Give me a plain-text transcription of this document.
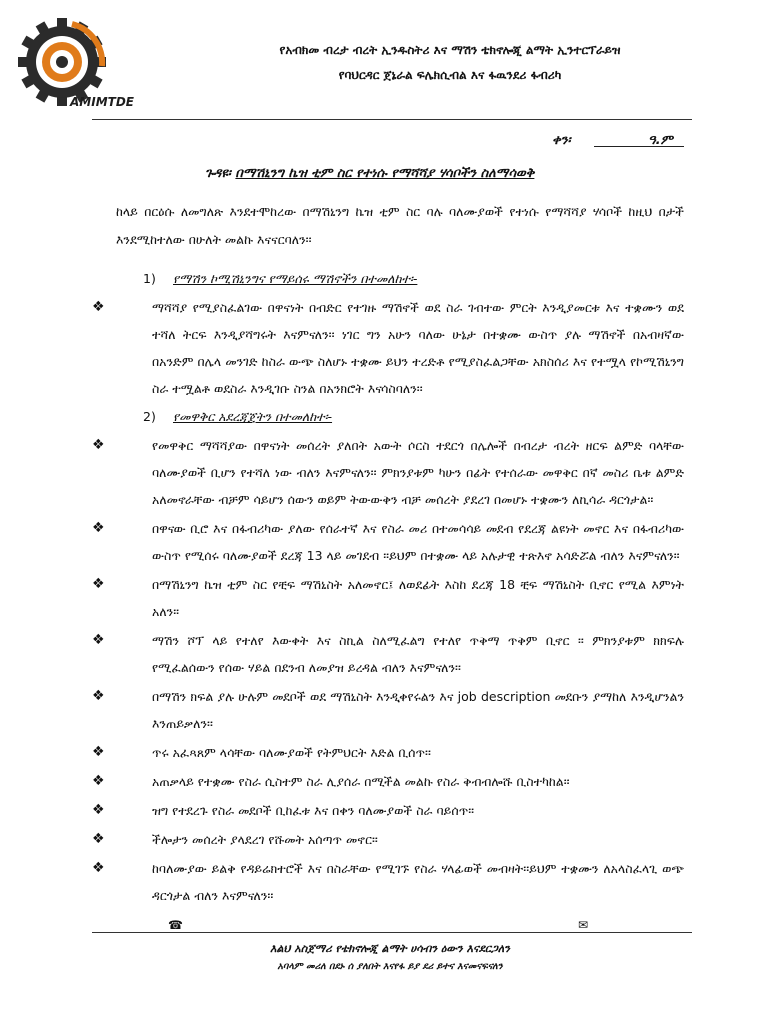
AMIMTDE
የአብክመ ብረታ ብረት ኢንዱስትሪ እና ማሽን ቴክኖሎጂ ልማት ኢንተርፕራይዝ
የባህርዳር ጀኔራል ፍሌክሲብል እና ፋዉንደሪ ፋብሪካ
ቀን፡	ዓ.ም
ጉዳዩ፡ በማሽኒንግ ኬዝ ቲም ስር የተነሱ የማሻሻያ ሃሳቦችን ስለማሳወቅ

ከላይ በርዕሱ ለመግለጽ እንደተሞከረው በማሽኒንግ ኬዝ ቲም ስር ባሉ ባለሙያወች የተነሱ የማሻሻያ ሃሳቦች ከዚህ በታች እንደሚከተለው በሁለት መልኩ እናናርባለን፡፡

1)	የማሽን ኮሚሽኒንግና የማይሰሩ ማሽኖችን በተመለከተ፡-
❖	ማሻሻያ የሚያስፈልገው በዋናነት በብድር የተገዙ ማሽኖች ወደ ስራ ገብተው ምርት እንዲያመርቱ እና ተቋሙን ወደ ተሻለ ትርፍ እንዲያሻግሩት እናምናለን፡፡ ነገር ግን አሁን ባለው ሁኔታ በተቋሙ ውስጥ ያሉ ማሽኖች በአብዛኛው በአንድም በሌላ መንገድ ከስራ ውጭ ስለሆኑ ተቋሙ ይህን ተረድቶ የሚያስፈልጋቸው አክስሰሪ እና የተሟላ የኮሚሽኒንግ ስራ ተሟልቶ ወደስራ እንዲገቡ ስንል በአንክሮት እናሳስባለን፡፡
2)	የመዋቅር አደረጃጀትን በተመለከተ፡-
❖	የመዋቅር ማሻሻያው በዋናነት መሰረት ያለበት አውት ሶርስ ተደርጎ በሌሎች በብረታ ብረት ዘርፍ ልምድ ባላቸው ባለሙያወች ቢሆን የተሻለ ነው ብለን እናምናለን፡፡ ምክንያቱም ካሁን በፊት የተሰራው መዋቅር በኛ መስሪ ቤቱ ልምድ አለመኖራቸው ብቻም ሳይሆን ሰውን ወይም ትውውቅን ብቻ መሰረት ያደረገ በመሆኑ ተቋሙን ለኪሳራ ዳርጎታል፡፡
❖	በዋናው ቢሮ እና በፋብሪካው ያለው የሰራተኛ እና የስራ መሪ በተመሳሳይ መደብ የደረጃ ልዩነት መኖር እና በፋብሪካው ውስጥ የሚሰሩ ባለሙያወች ደረጃ 13 ላይ መገደብ ፡፡ይህም በተቋሙ ላይ አሉታዊ ተጽእኖ አሳድሯል ብለን እናምናለን፡፡
❖	በማሽኒንግ ኬዝ ቲም ስር የቺፍ ማሽኒስት አለመኖር፤ ለወደፊት እስከ ደረጃ 18 ቺፍ ማሽኒስት ቢኖር የሚል እምነት አለን፡፡
❖	ማሽን ሾፕ ላይ የተለየ እውቀት እና ስኪል ስለሚፈልግ የተለየ ጥቅማ ጥቅም ቢኖር ፡፡ ምክንያቱም ክክፍሉ የሚፈልሰውን የሰው ሃይል በደንብ ለመያዝ ይረዳል ብለን እናምናለን፡፡
❖	በማሽን ክፍል ያሉ ሁሉም መደቦች ወደ ማሽኒስት እንዲቀየሩልን እና job description መደቡን ያማከለ እንዲሆንልን እንጠይቃለን፡፡
❖	ጥሩ አፈጻጸም ላሳቸው ባለሙያወች የትምህርት እድል ቢሰጥ፡፡
❖	አጠቃላይ የተቋሙ የስራ ሲስተም ስራ ሊያሰራ በሚችል መልኩ የስራ ቅብብሎሹ ቢስተካከል፡፡
❖	ዝግ የተደረጉ የስራ መደቦች ቢከፈቱ እና በቀን ባለሙያወች ስራ ባይሰጥ፡፡
❖	ችሎታን መሰረት ያላደረገ የሹመት አሰጣጥ መኖር፡፡
❖	ከባለሙያው ይልቅ የዳይሬክተሮች እና በስራቸው የሚገኙ የስራ ሃላፊወች መብዛት፡፡ይህም ተቋሙን ለአላስፈላጊ ወጭ ዳርጎታል ብለን እናምናለን፡፡
☎	✉
እልህ አስጀማሪ የቴክኖሎጂ ልማት ሀሳብን ዕውን እናደርጋለን
አባላም መሪለ በደኑ ሰ ያለበት እናየፋ ይያ ደሪ ይተና እናመናፍናለን
